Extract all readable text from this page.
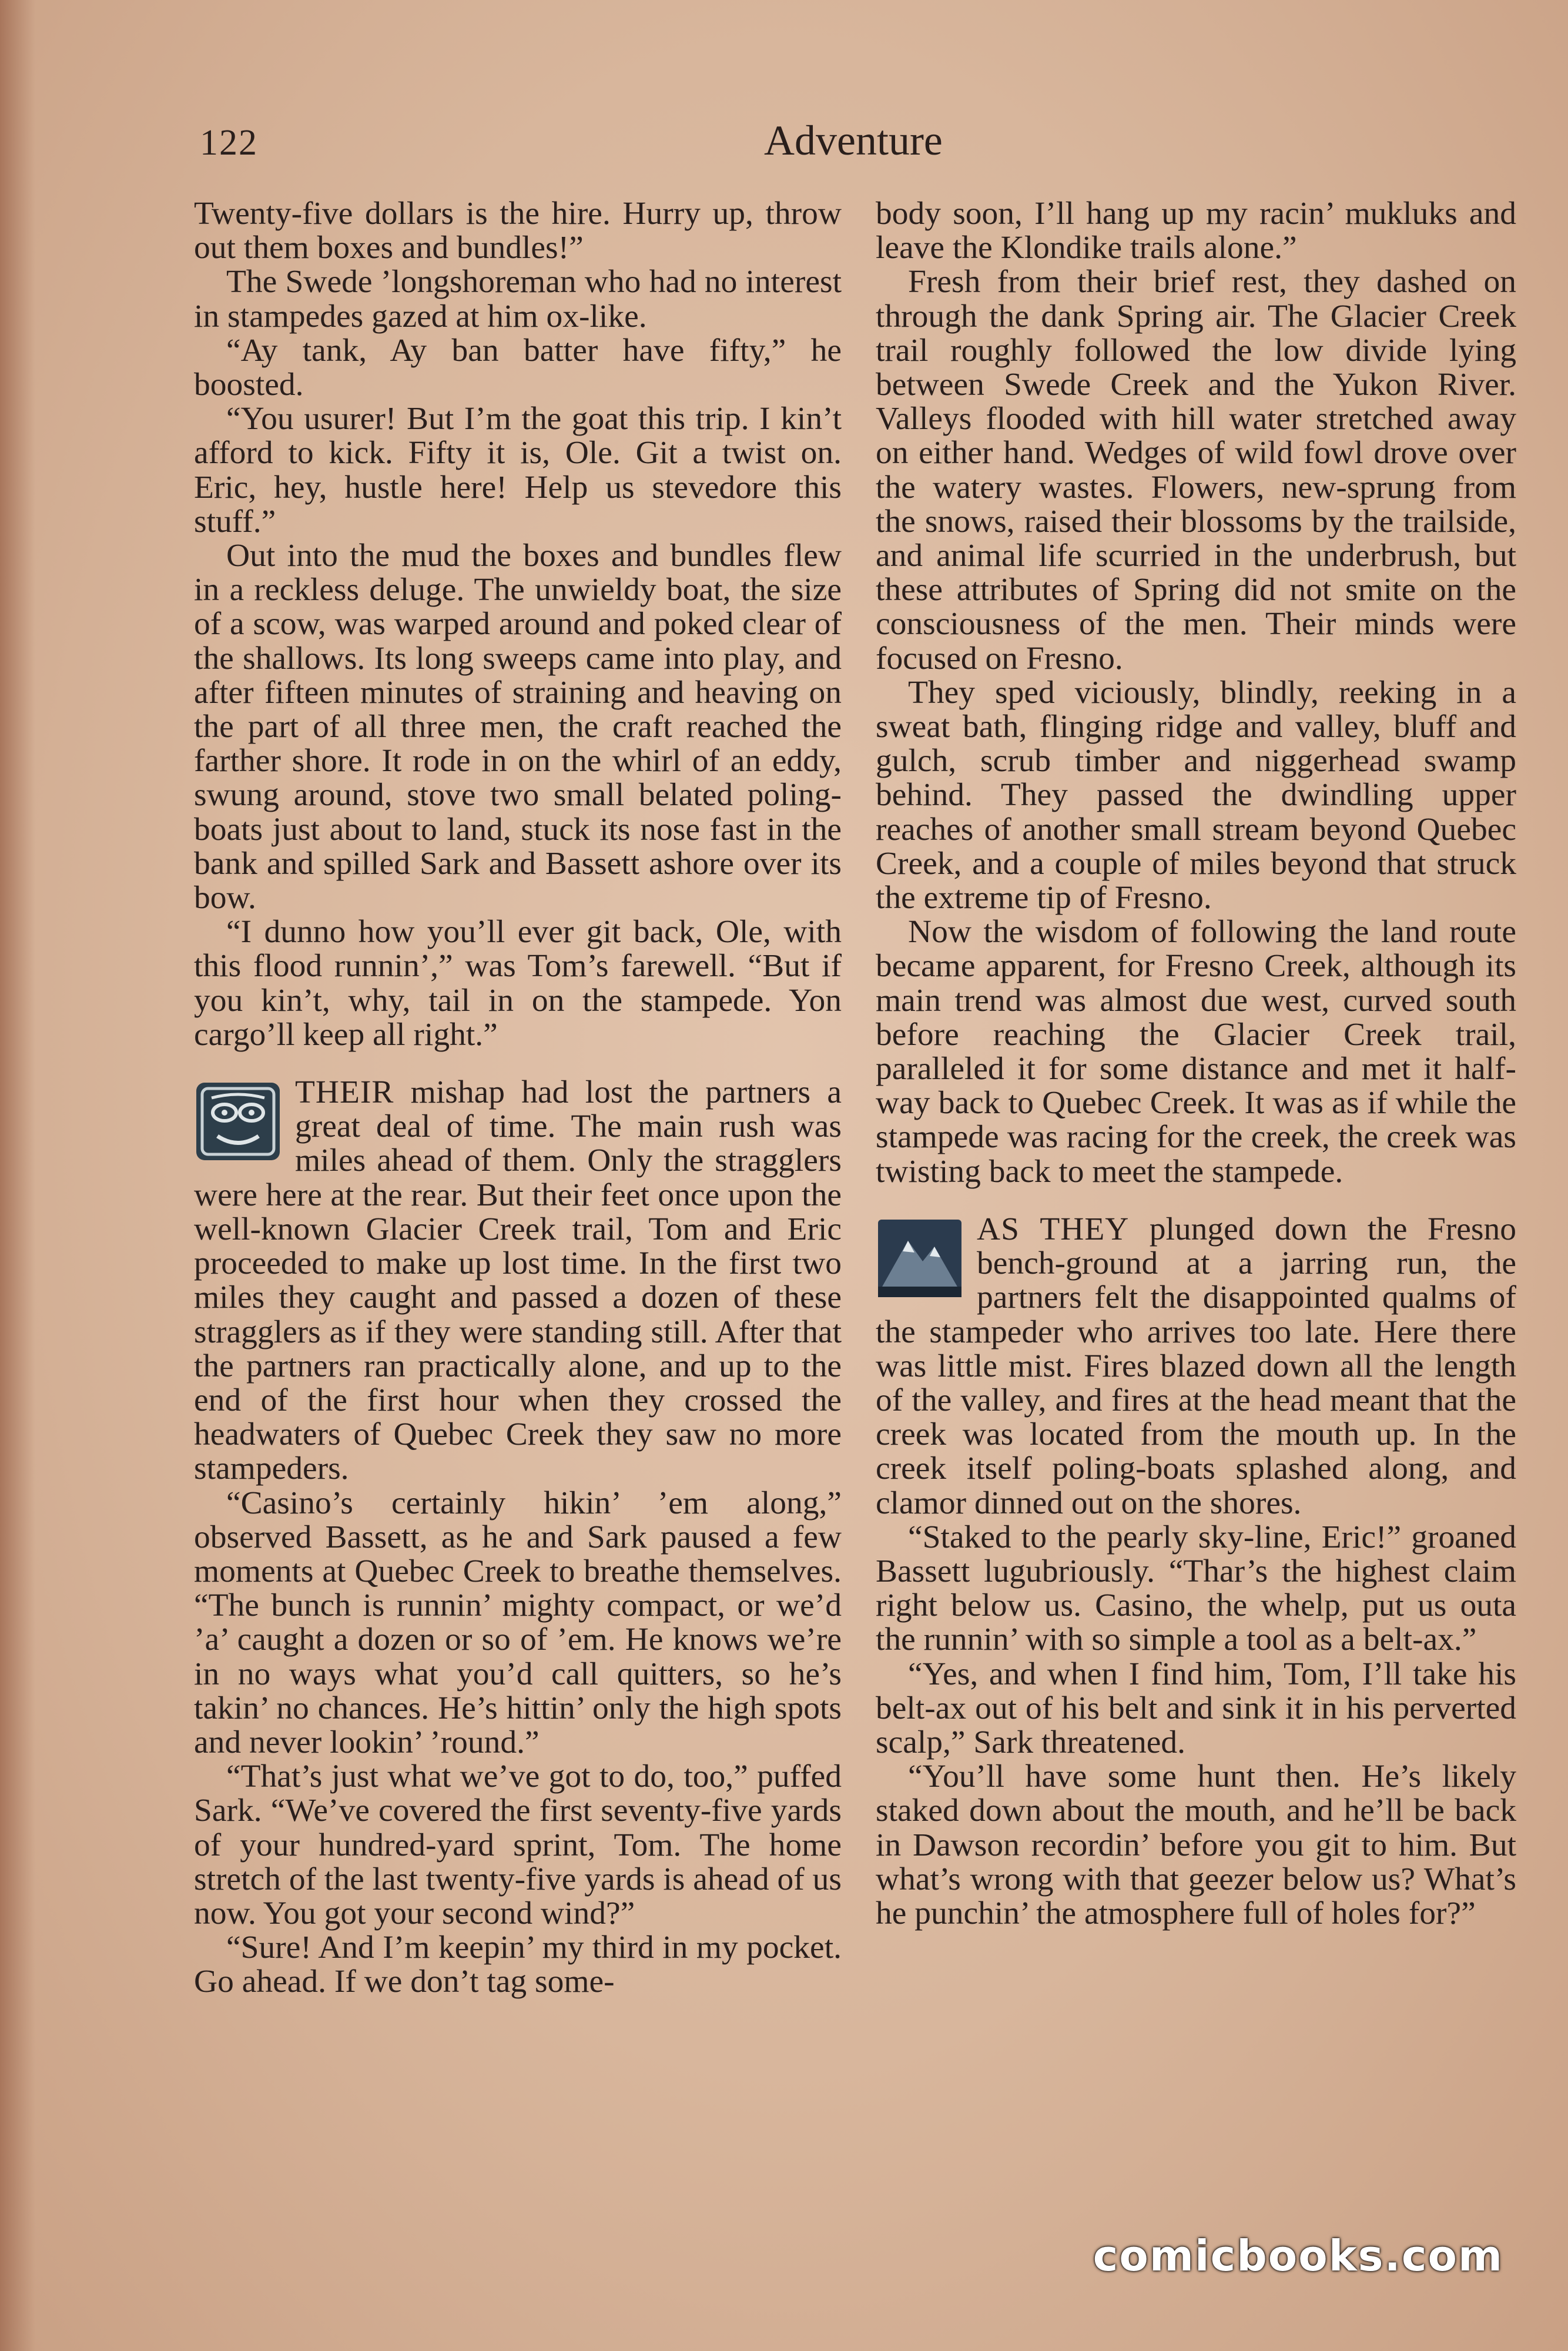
122	Adventure

Twenty-five dollars is the hire. Hurry up, throw out them boxes and bundles!”

The Swede ’longshoreman who had no interest in stampedes gazed at him ox-like.

“Ay tank, Ay ban batter have fifty,” he boosted.

“You usurer! But I’m the goat this trip. I kin’t afford to kick. Fifty it is, Ole. Git a twist on. Eric, hey, hustle here! Help us stevedore this stuff.”

Out into the mud the boxes and bundles flew in a reckless deluge. The unwieldy boat, the size of a scow, was warped around and poked clear of the shallows. Its long sweeps came into play, and after fifteen minutes of straining and heaving on the part of all three men, the craft reached the farther shore. It rode in on the whirl of an eddy, swung around, stove two small belated poling-boats just about to land, stuck its nose fast in the bank and spilled Sark and Bassett ashore over its bow.

“I dunno how you’ll ever git back, Ole, with this flood runnin’,” was Tom’s farewell. “But if you kin’t, why, tail in on the stampede. Yon cargo’ll keep all right.”

THEIR mishap had lost the partners a great deal of time. The main rush was miles ahead of them. Only the stragglers were here at the rear. But their feet once upon the well-known Glacier Creek trail, Tom and Eric proceeded to make up lost time. In the first two miles they caught and passed a dozen of these stragglers as if they were standing still. After that the partners ran practically alone, and up to the end of the first hour when they crossed the headwaters of Quebec Creek they saw no more stampeders.

“Casino’s certainly hikin’ ’em along,” observed Bassett, as he and Sark paused a few moments at Quebec Creek to breathe themselves. “The bunch is runnin’ mighty compact, or we’d ’a’ caught a dozen or so of ’em. He knows we’re in no ways what you’d call quitters, so he’s takin’ no chances. He’s hittin’ only the high spots and never lookin’ ’round.”

“That’s just what we’ve got to do, too,” puffed Sark. “We’ve covered the first seventy-five yards of your hundred-yard sprint, Tom. The home stretch of the last twenty-five yards is ahead of us now. You got your second wind?”

“Sure! And I’m keepin’ my third in my pocket. Go ahead. If we don’t tag some-

body soon, I’ll hang up my racin’ mukluks and leave the Klondike trails alone.”

Fresh from their brief rest, they dashed on through the dank Spring air. The Glacier Creek trail roughly followed the low divide lying between Swede Creek and the Yukon River. Valleys flooded with hill water stretched away on either hand. Wedges of wild fowl drove over the watery wastes. Flowers, new-sprung from the snows, raised their blossoms by the trailside, and animal life scurried in the underbrush, but these attributes of Spring did not smite on the consciousness of the men. Their minds were focused on Fresno.

They sped viciously, blindly, reeking in a sweat bath, flinging ridge and valley, bluff and gulch, scrub timber and niggerhead swamp behind. They passed the dwindling upper reaches of another small stream beyond Quebec Creek, and a couple of miles beyond that struck the extreme tip of Fresno.

Now the wisdom of following the land route became apparent, for Fresno Creek, although its main trend was almost due west, curved south before reaching the Glacier Creek trail, paralleled it for some distance and met it half-way back to Quebec Creek. It was as if while the stampede was racing for the creek, the creek was twisting back to meet the stampede.

AS THEY plunged down the Fresno bench-ground at a jarring run, the partners felt the disappointed qualms of the stampeder who arrives too late. Here there was little mist. Fires blazed down all the length of the valley, and fires at the head meant that the creek was located from the mouth up. In the creek itself poling-boats splashed along, and clamor dinned out on the shores.

“Staked to the pearly sky-line, Eric!” groaned Bassett lugubriously. “Thar’s the highest claim right below us. Casino, the whelp, put us outa the runnin’ with so simple a tool as a belt-ax.”

“Yes, and when I find him, Tom, I’ll take his belt-ax out of his belt and sink it in his perverted scalp,” Sark threatened.

“You’ll have some hunt then. He’s likely staked down about the mouth, and he’ll be back in Dawson recordin’ before you git to him. But what’s wrong with that geezer below us? What’s he punchin’ the atmosphere full of holes for?”

comicbooks.com
